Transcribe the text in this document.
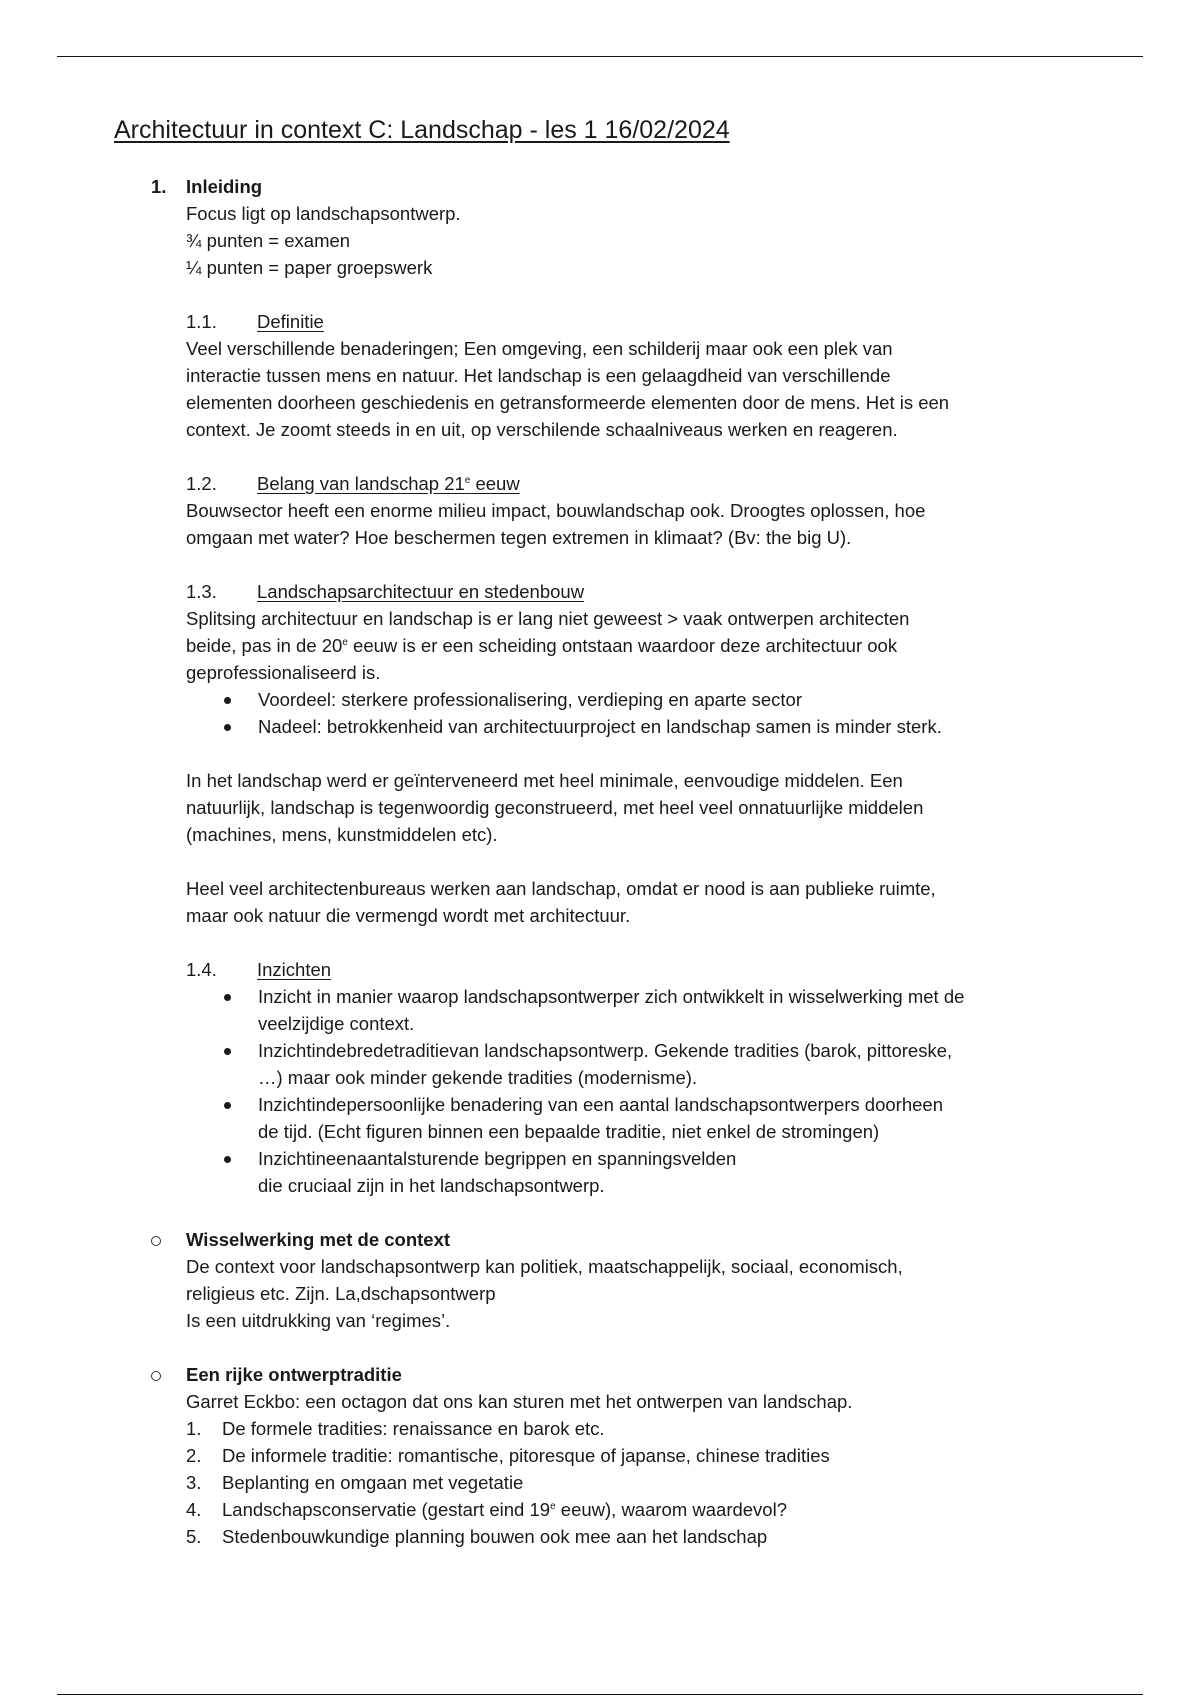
Architectuur in context C: Landschap - les 1 16/02/2024
1. Inleiding
Focus ligt op landschapsontwerp.
¾ punten = examen
¼ punten = paper groepswerk
1.1. Definitie
Veel verschillende benaderingen; Een omgeving, een schilderij maar ook een plek van
interactie tussen mens en natuur. Het landschap is een gelaagdheid van verschillende
elementen doorheen geschiedenis en getransformeerde elementen door de mens. Het is een
context. Je zoomt steeds in en uit, op verschilende schaalniveaus werken en reageren.
1.2. Belang van landschap 21e eeuw
Bouwsector heeft een enorme milieu impact, bouwlandschap ook. Droogtes oplossen, hoe
omgaan met water? Hoe beschermen tegen extremen in klimaat? (Bv: the big U).
1.3. Landschapsarchitectuur en stedenbouw
Splitsing architectuur en landschap is er lang niet geweest > vaak ontwerpen architecten
beide, pas in de 20e eeuw is er een scheiding ontstaan waardoor deze architectuur ook
geprofessionaliseerd is.
Voordeel: sterkere professionalisering, verdieping en aparte sector
Nadeel: betrokkenheid van architectuurproject en landschap samen is minder sterk.
In het landschap werd er geïnterveneerd met heel minimale, eenvoudige middelen. Een
natuurlijk, landschap is tegenwoordig geconstrueerd, met heel veel onnatuurlijke middelen
(machines, mens, kunstmiddelen etc).
Heel veel architectenbureaus werken aan landschap, omdat er nood is aan publieke ruimte,
maar ook natuur die vermengd wordt met architectuur.
1.4. Inzichten
Inzicht in manier waarop landschapsontwerper zich ontwikkelt in wisselwerking met de
veelzijdige context.
Inzichtindebredetraditievan landschapsontwerp. Gekende tradities (barok, pittoreske,
…) maar ook minder gekende tradities (modernisme).
Inzichtindepersoonlijke benadering van een aantal landschapsontwerpers doorheen
de tijd. (Echt figuren binnen een bepaalde traditie, niet enkel de stromingen)
Inzichtineenaantalsturende begrippen en spanningsvelden
die cruciaal zijn in het landschapsontwerp.
Wisselwerking met de context
De context voor landschapsontwerp kan politiek, maatschappelijk, sociaal, economisch,
religieus etc. Zijn. La,dschapsontwerp
Is een uitdrukking van ‘regimes’.
Een rijke ontwerptraditie
Garret Eckbo: een octagon dat ons kan sturen met het ontwerpen van landschap.
1. De formele tradities: renaissance en barok etc.
2. De informele traditie: romantische, pitoresque of japanse, chinese tradities
3. Beplanting en omgaan met vegetatie
4. Landschapsconservatie (gestart eind 19e eeuw), waarom waardevol?
5. Stedenbouwkundige planning bouwen ook mee aan het landschap
